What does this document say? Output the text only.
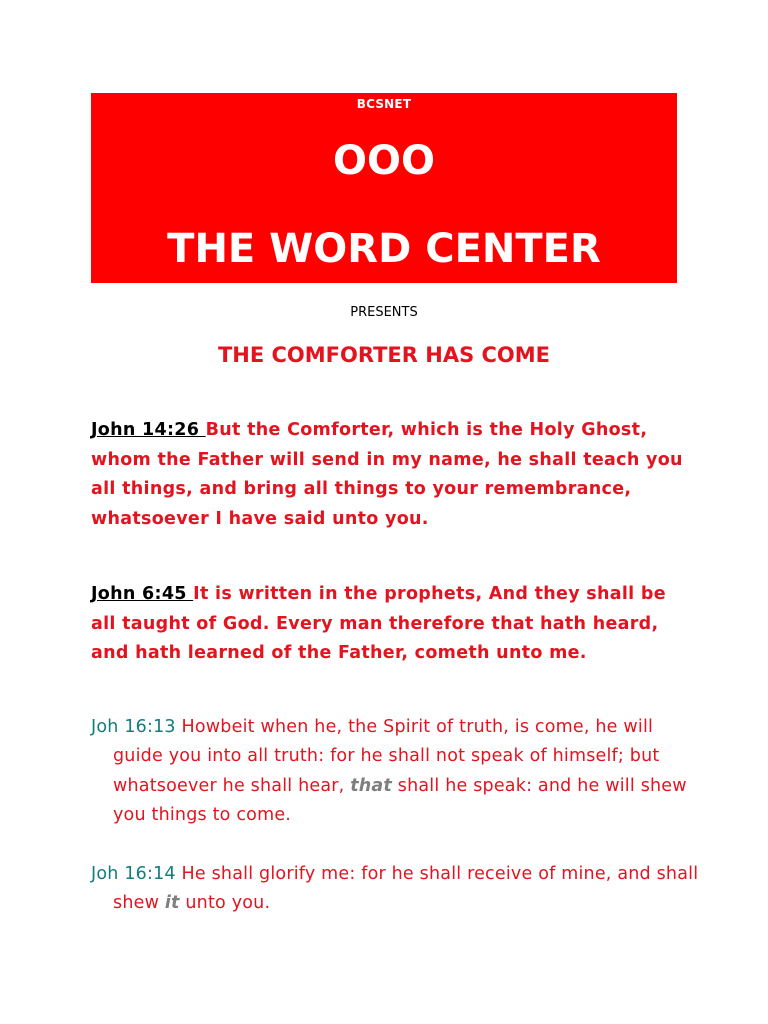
BCSNET
OOO
THE WORD CENTER
PRESENTS
THE COMFORTER HAS COME
John 14:26 But the Comforter, which is the Holy Ghost, whom the Father will send in my name, he shall teach you all things, and bring all things to your remembrance, whatsoever I have said unto you.
John 6:45 It is written in the prophets, And they shall be all taught of God. Every man therefore that hath heard, and hath learned of the Father, cometh unto me.
Joh 16:13 Howbeit when he, the Spirit of truth, is come, he will guide you into all truth: for he shall not speak of himself; but whatsoever he shall hear, that shall he speak: and he will shew you things to come.
Joh 16:14 He shall glorify me: for he shall receive of mine, and shall shew it unto you.
